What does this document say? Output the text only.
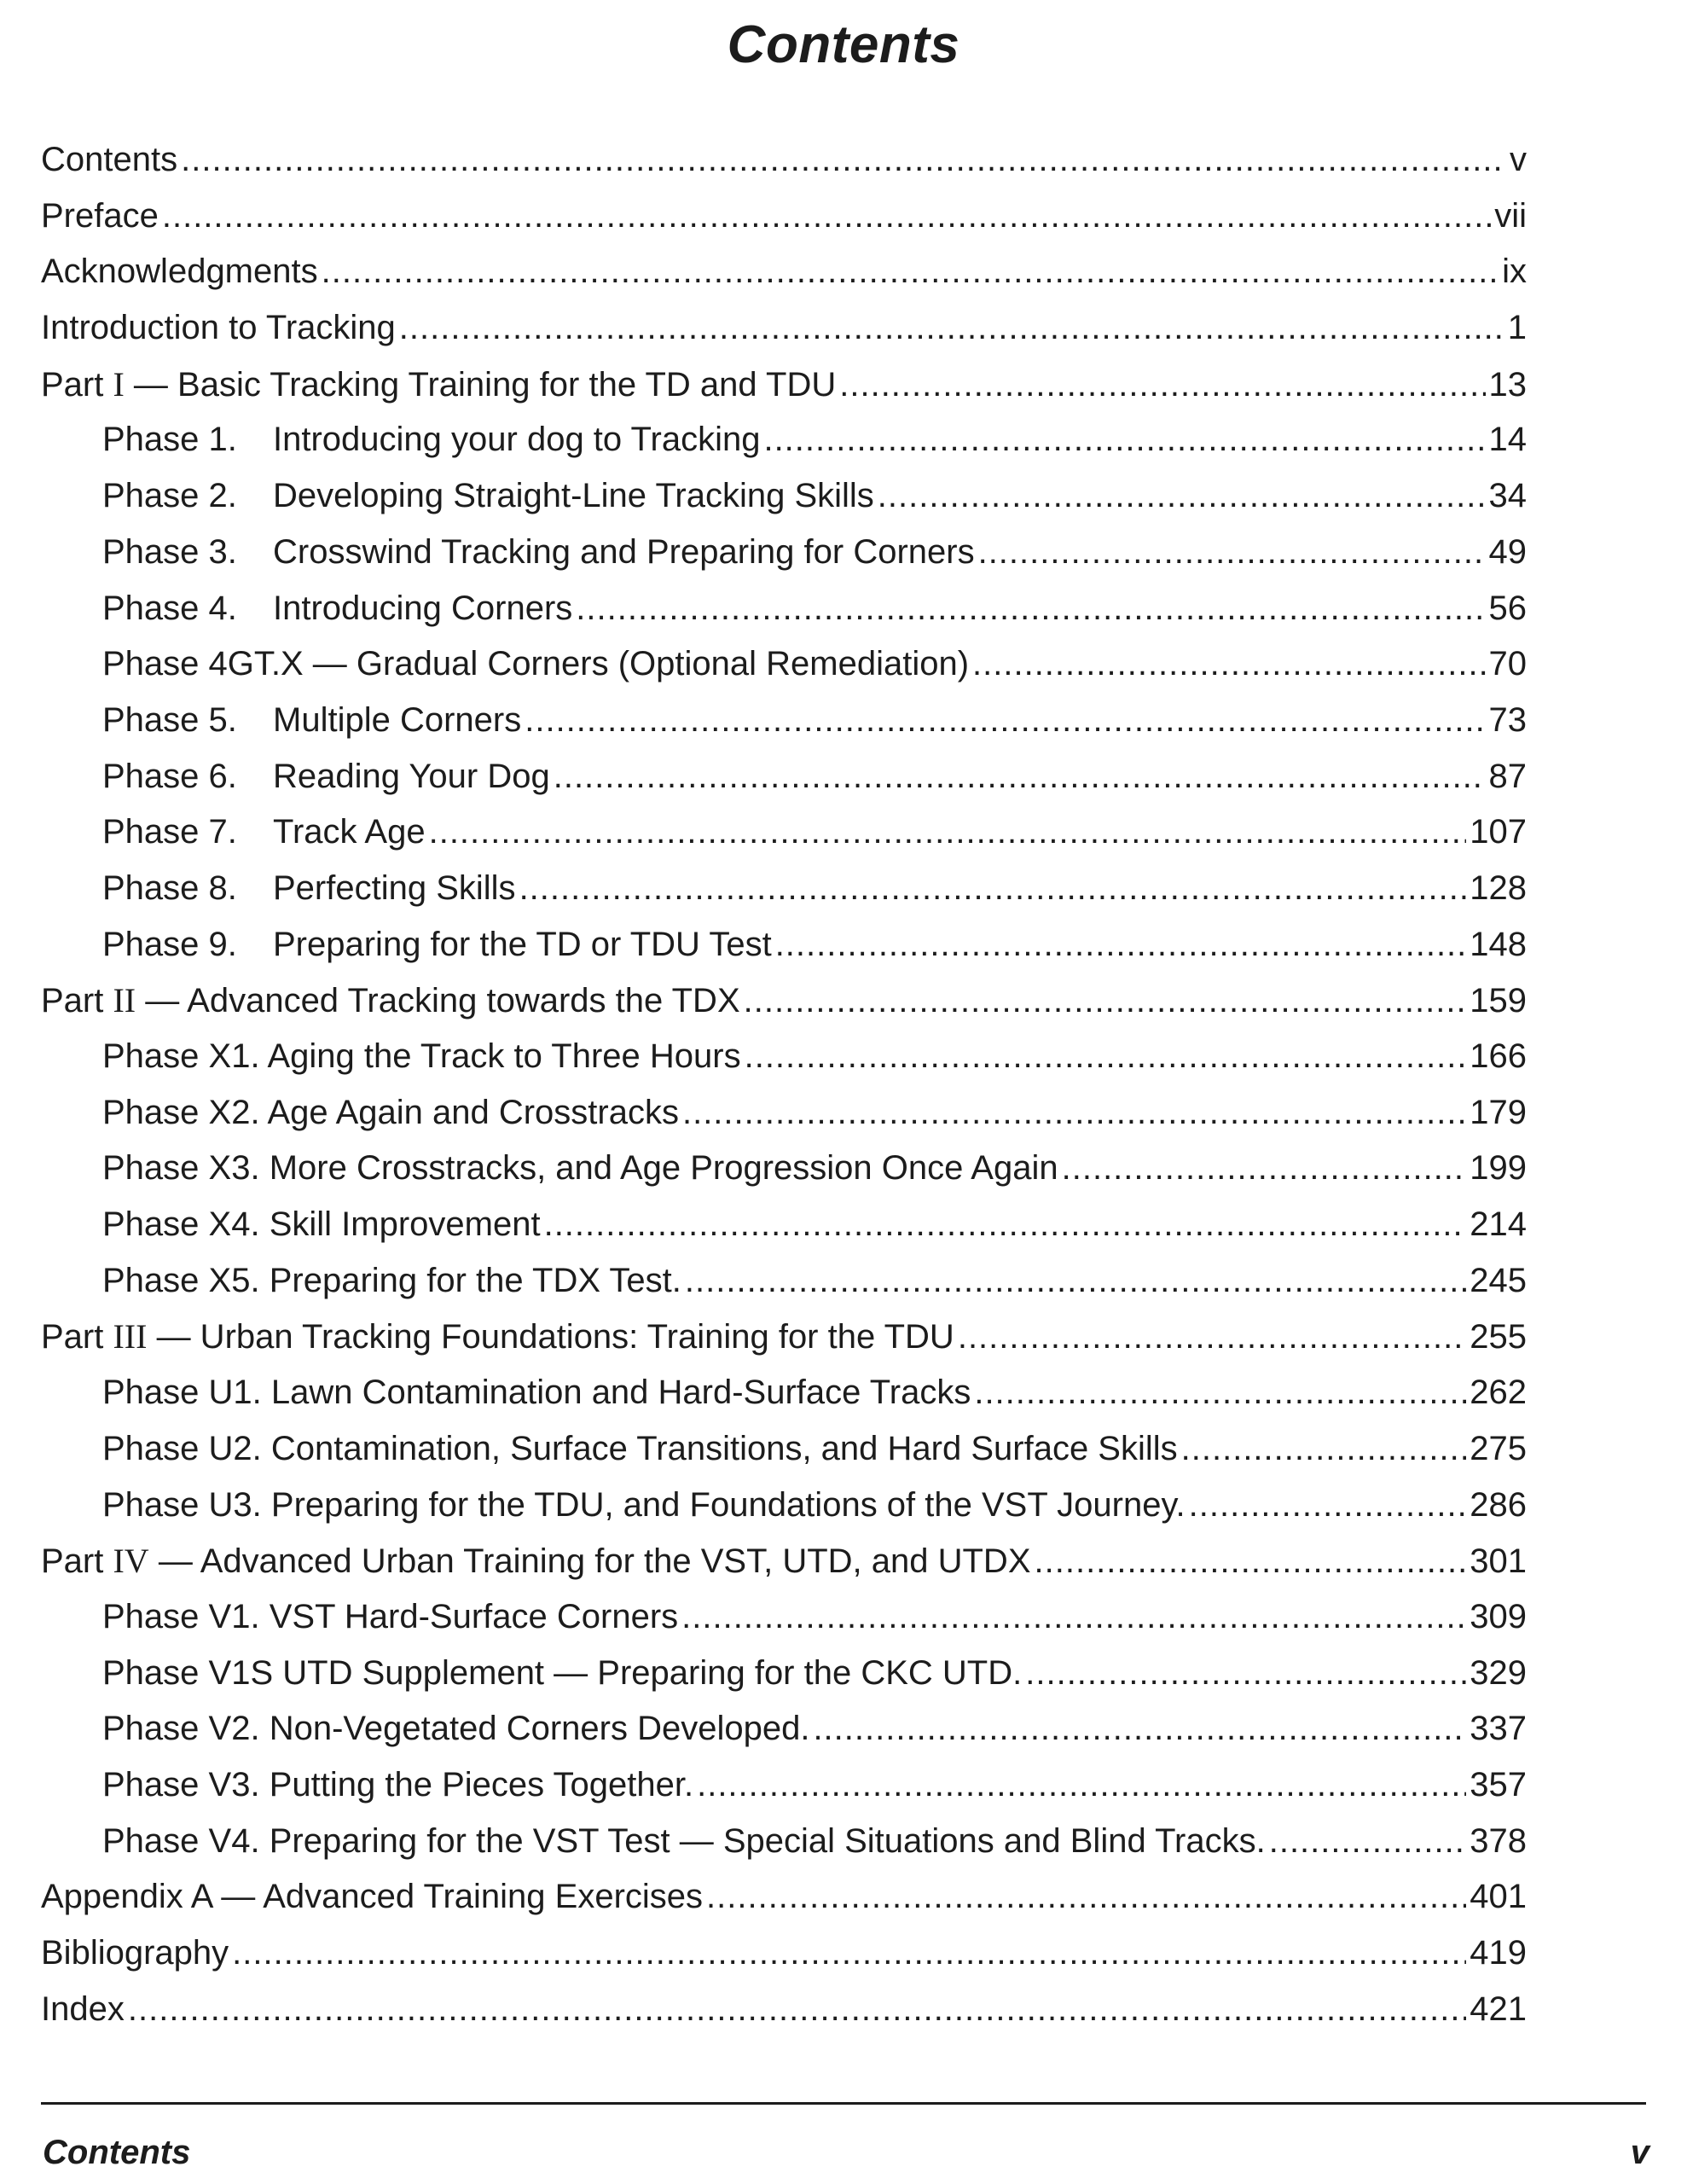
Contents
Contents .....	v
Preface .....	vii
Acknowledgments .....	ix
Introduction to Tracking .....	1
Part I — Basic Tracking Training for the TD and TDU .....	13
Phase 1. Introducing your dog to Tracking .....	14
Phase 2. Developing Straight-Line Tracking Skills .....	34
Phase 3. Crosswind Tracking and Preparing for Corners .....	49
Phase 4. Introducing Corners .....	56
Phase 4GT.X — Gradual Corners (Optional Remediation) .....	70
Phase 5. Multiple Corners .....	73
Phase 6. Reading Your Dog .....	87
Phase 7. Track Age .....	107
Phase 8. Perfecting Skills .....	128
Phase 9. Preparing for the TD or TDU Test .....	148
Part II — Advanced Tracking towards the TDX .....	159
Phase X1. Aging the Track to Three Hours .....	166
Phase X2. Age Again and Crosstracks .....	179
Phase X3. More Crosstracks, and Age Progression Once Again .....	199
Phase X4. Skill Improvement .....	214
Phase X5. Preparing for the TDX Test. .....	245
Part III — Urban Tracking Foundations: Training for the TDU .....	255
Phase U1. Lawn Contamination and Hard-Surface Tracks .....	262
Phase U2. Contamination, Surface Transitions, and Hard Surface Skills .....	275
Phase U3. Preparing for the TDU, and Foundations of the VST Journey. .....	286
Part IV — Advanced Urban Training for the VST, UTD, and UTDX .....	301
Phase V1. VST Hard-Surface Corners .....	309
Phase V1S UTD Supplement — Preparing for the CKC UTD. .....	329
Phase V2. Non-Vegetated Corners Developed. .....	337
Phase V3. Putting the Pieces Together. .....	357
Phase V4. Preparing for the VST Test — Special Situations and Blind Tracks. .....	378
Appendix A — Advanced Training Exercises .....	401
Bibliography .....	419
Index .....	421
Contents	v
